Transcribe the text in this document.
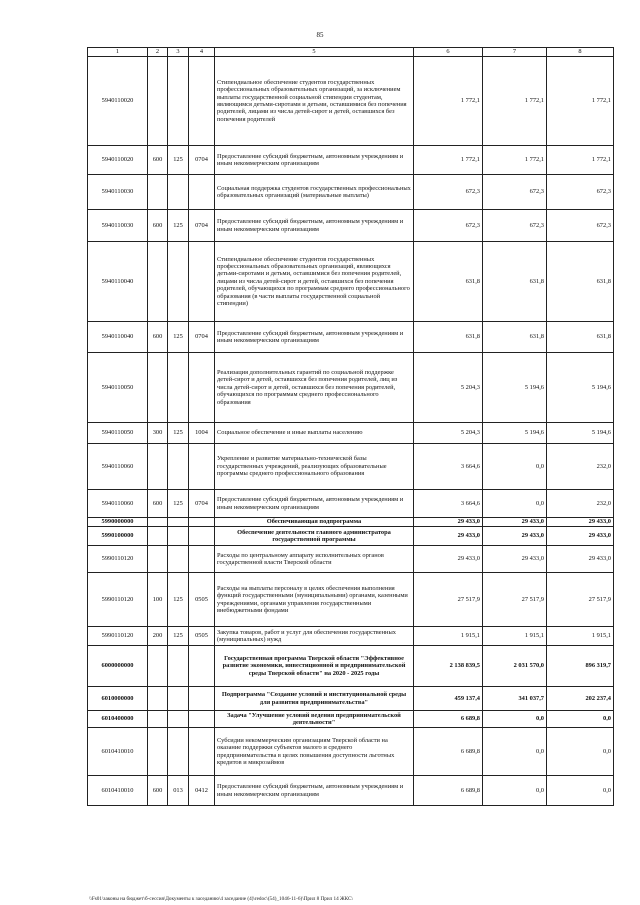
85
1	2	3	4	5	6	7	8
5940110020				Стипендиальное обеспечение студентов государственных профессиональных образовательных организаций, за исключением выплаты государственной социальной стипендии студентам, являющимся детьми-сиротами и детьми, оставшимися без попечения родителей, лицами из числа детей-сирот и детей, оставшихся без попечения родителей	1 772,1	1 772,1	1 772,1
5940110020	600	125	0704	Предоставление субсидий бюджетным, автономным учреждениям и иным некоммерческим организациям	1 772,1	1 772,1	1 772,1
5940110030				Социальная поддержка студентов государственных профессиональных образовательных организаций (материальные выплаты)	672,3	672,3	672,3
5940110030	600	125	0704	Предоставление субсидий бюджетным, автономным учреждениям и иным некоммерческим организациям	672,3	672,3	672,3
5940110040				Стипендиальное обеспечение студентов государственных профессиональных образовательных организаций, являющихся детьми-сиротами и детьми, оставшимися без попечения родителей, лицами из числа детей-сирот и детей, оставшихся без попечения родителей, обучающихся по программам среднего профессионального образования (в части выплаты государственной социальной стипендии)	631,8	631,8	631,8
5940110040	600	125	0704	Предоставление субсидий бюджетным, автономным учреждениям и иным некоммерческим организациям	631,8	631,8	631,8
5940110050				Реализация дополнительных гарантий по социальной поддержке детей-сирот и детей, оставшихся без попечения родителей, лиц из числа детей-сирот и детей, оставшихся без попечения родителей, обучающихся по программам среднего профессионального образования	5 204,3	5 194,6	5 194,6
5940110050	300	125	1004	Социальное обеспечение и иные выплаты населению	5 204,3	5 194,6	5 194,6
5940110060				Укрепление и развитие материально-технической базы государственных учреждений, реализующих образовательные программы среднего профессионального образования	3 664,6	0,0	232,0
5940110060	600	125	0704	Предоставление субсидий бюджетным, автономным учреждениям и иным некоммерческим организациям	3 664,6	0,0	232,0
5990000000				Обеспечивающая подпрограмма	29 433,0	29 433,0	29 433,0
5990100000				Обеспечение деятельности главного администратора государственной программы	29 433,0	29 433,0	29 433,0
5990110120				Расходы по центральному аппарату исполнительных органов государственной власти Тверской области	29 433,0	29 433,0	29 433,0
5990110120	100	125	0505	Расходы на выплаты персоналу в целях обеспечения выполнения функций государственными (муниципальными) органами, казенными учреждениями, органами управления государственными внебюджетными фондами	27 517,9	27 517,9	27 517,9
5990110120	200	125	0505	Закупка товаров, работ и услуг для обеспечения государственных (муниципальных) нужд	1 915,1	1 915,1	1 915,1
6000000000				Государственная программа Тверской области "Эффективное развитие экономики, инвестиционной и предпринимательской среды Тверской области" на 2020 - 2025 годы	2 138 839,5	2 031 570,0	896 319,7
6010000000				Подпрограмма "Создание условий и институциональной среды для развития предпринимательства"	459 137,4	341 037,7	202 237,4
6010400000				Задача "Улучшение условий ведения предпринимательской деятельности"	6 689,8	0,0	0,0
6010410010				Субсидии некоммерческим организациям Тверской области на оказание поддержки субъектов малого и среднего предпринимательства в целях повышения доступности льготных кредитов и микрозаймов	6 689,8	0,0	0,0
6010410010	600	013	0412	Предоставление субсидий бюджетным, автономным учреждениям и иным некоммерческим организациям	6 689,8	0,0	0,0
\\Fs01\законы на бюджет\б-сессия\Документы к заседанию\4 заседание (4)\redoc\(54)_1046-11-6)\Прил 8 Прил 14 ЖКС\
